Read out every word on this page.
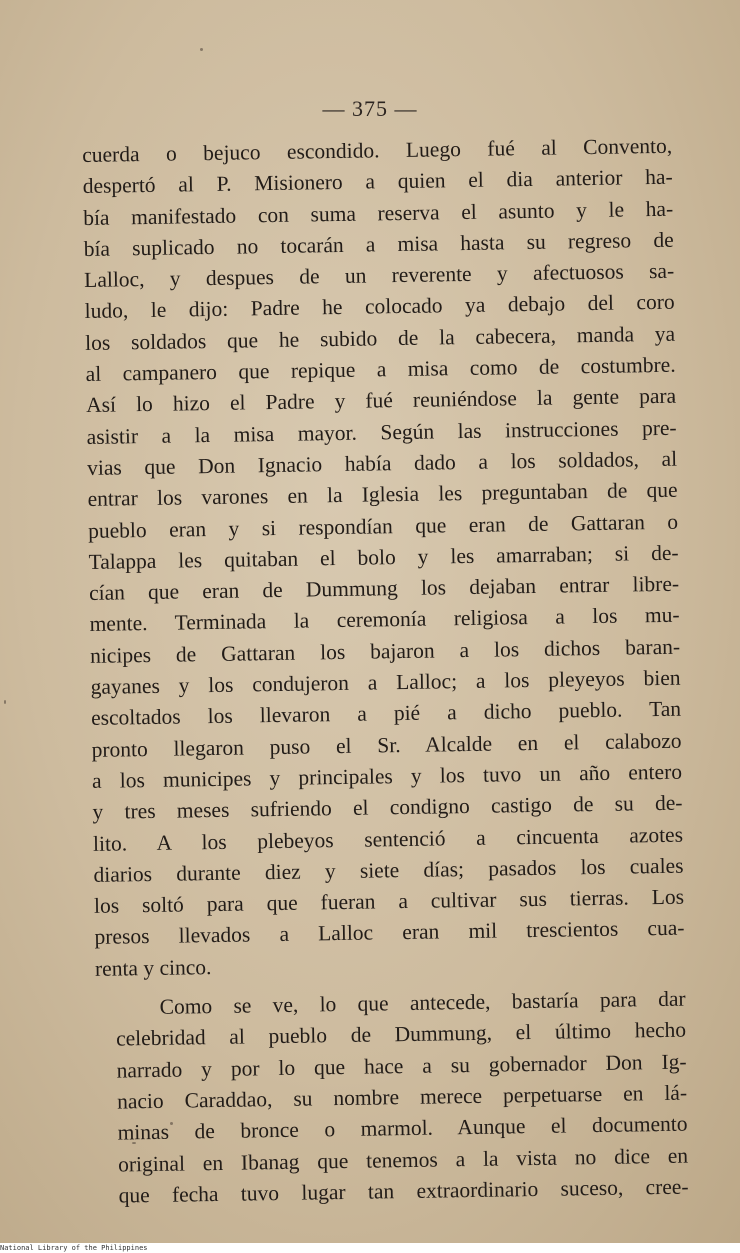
— 375 —
cuerda o bejuco escondido. Luego fué al Convento,
despertó al P. Misionero a quien el dia anterior ha-
bía manifestado con suma reserva el asunto y le ha-
bía suplicado no tocarán a misa hasta su regreso de
Lalloc, y despues de un reverente y afectuosos sa-
ludo, le dijo: Padre he colocado ya debajo del coro
los soldados que he subido de la cabecera, manda ya
al campanero que repique a misa como de costumbre.
Así lo hizo el Padre y fué reuniéndose la gente para
asistir a la misa mayor. Según las instrucciones pre-
vias que Don Ignacio había dado a los soldados, al
entrar los varones en la Iglesia les preguntaban de que
pueblo eran y si respondían que eran de Gattaran o
Talappa les quitaban el bolo y les amarraban; si de-
cían que eran de Dummung los dejaban entrar libre-
mente. Terminada la ceremonía religiosa a los mu-
nicipes de Gattaran los bajaron a los dichos baran-
gayanes y los condujeron a Lalloc; a los pleyeyos bien
escoltados los llevaron a pié a dicho pueblo. Tan
pronto llegaron puso el Sr. Alcalde en el calabozo
a los municipes y principales y los tuvo un año entero
y tres meses sufriendo el condigno castigo de su de-
lito. A los plebeyos sentenció a cincuenta azotes
diarios durante diez y siete días; pasados los cuales
los soltó para que fueran a cultivar sus tierras. Los
presos llevados a Lalloc eran mil trescientos cua-
renta y cinco.
Como se ve, lo que antecede, bastaría para dar
celebridad al pueblo de Dummung, el último hecho
narrado y por lo que hace a su gobernador Don Ig-
nacio Caraddao, su nombre merece perpetuarse en lá-
minas de bronce o marmol. Aunque el documento
original en Ibanag que tenemos a la vista no dice en
que fecha tuvo lugar tan extraordinario suceso, cree-
National Library of the Philippines
